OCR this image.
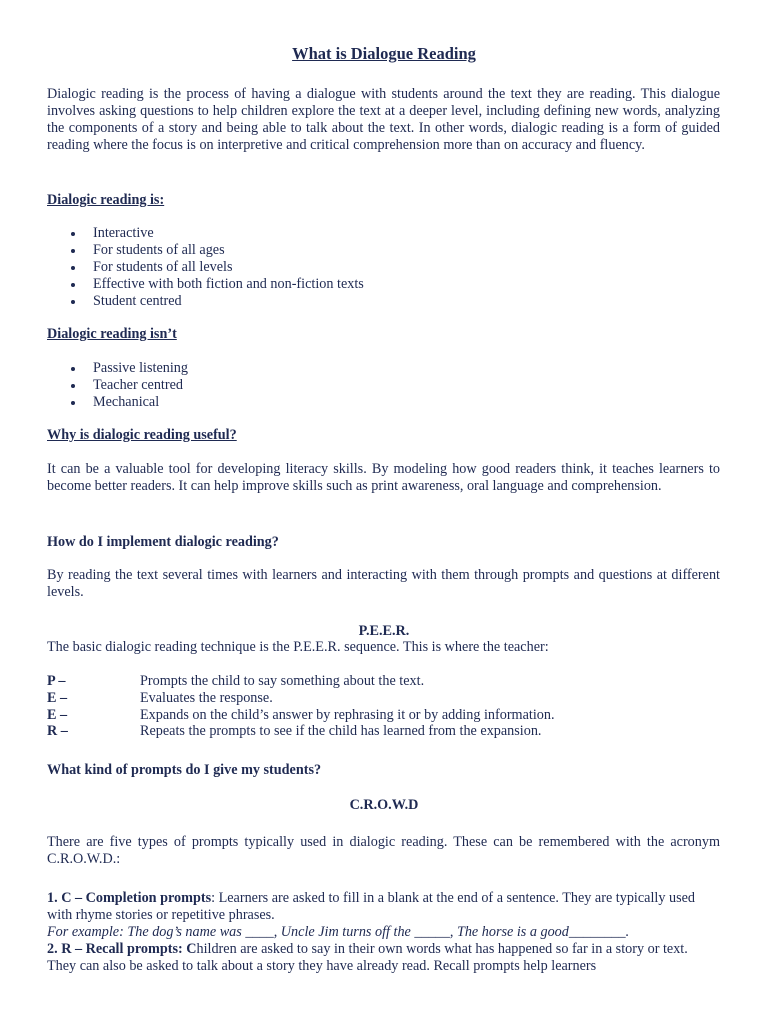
What is Dialogue Reading

Dialogic reading is the process of having a dialogue with students around the text they are reading. This dialogue involves asking questions to help children explore the text at a deeper level, including defining new words, analyzing the components of a story and being able to talk about the text. In other words, dialogic reading is a form of guided reading where the focus is on interpretive and critical comprehension more than on accuracy and fluency.

Dialogic reading is:
Interactive
For students of all ages
For students of all levels
Effective with both fiction and non-fiction texts
Student centred
Dialogic reading isn’t
Passive listening
Teacher centred
Mechanical
Why is dialogic reading useful?

It can be a valuable tool for developing literacy skills. By modeling how good readers think, it teaches learners to become better readers. It can help improve skills such as print awareness, oral language and comprehension.

How do I implement dialogic reading?

By reading the text several times with learners and interacting with them through prompts and questions at different levels.

P.E.E.R.
The basic dialogic reading technique is the P.E.E.R. sequence. This is where the teacher:
P –	Prompts the child to say something about the text.
E –	Evaluates the response.
E –	Expands on the child’s answer by rephrasing it or by adding information.
R –	Repeats the prompts to see if the child has learned from the expansion.
What kind of prompts do I give my students?
C.R.O.W.D

There are five types of prompts typically used in dialogic reading. These can be remembered with the acronym C.R.O.W.D.:

1. C – Completion prompts: Learners are asked to fill in a blank at the end of a sentence. They are typically used with rhyme stories or repetitive phrases.

For example: The dog’s name was ____, Uncle Jim turns off the _____, The horse is a good________.

2. R – Recall prompts: Children are asked to say in their own words what has happened so far in a story or text. They can also be asked to talk about a story they have already read. Recall prompts help learners
